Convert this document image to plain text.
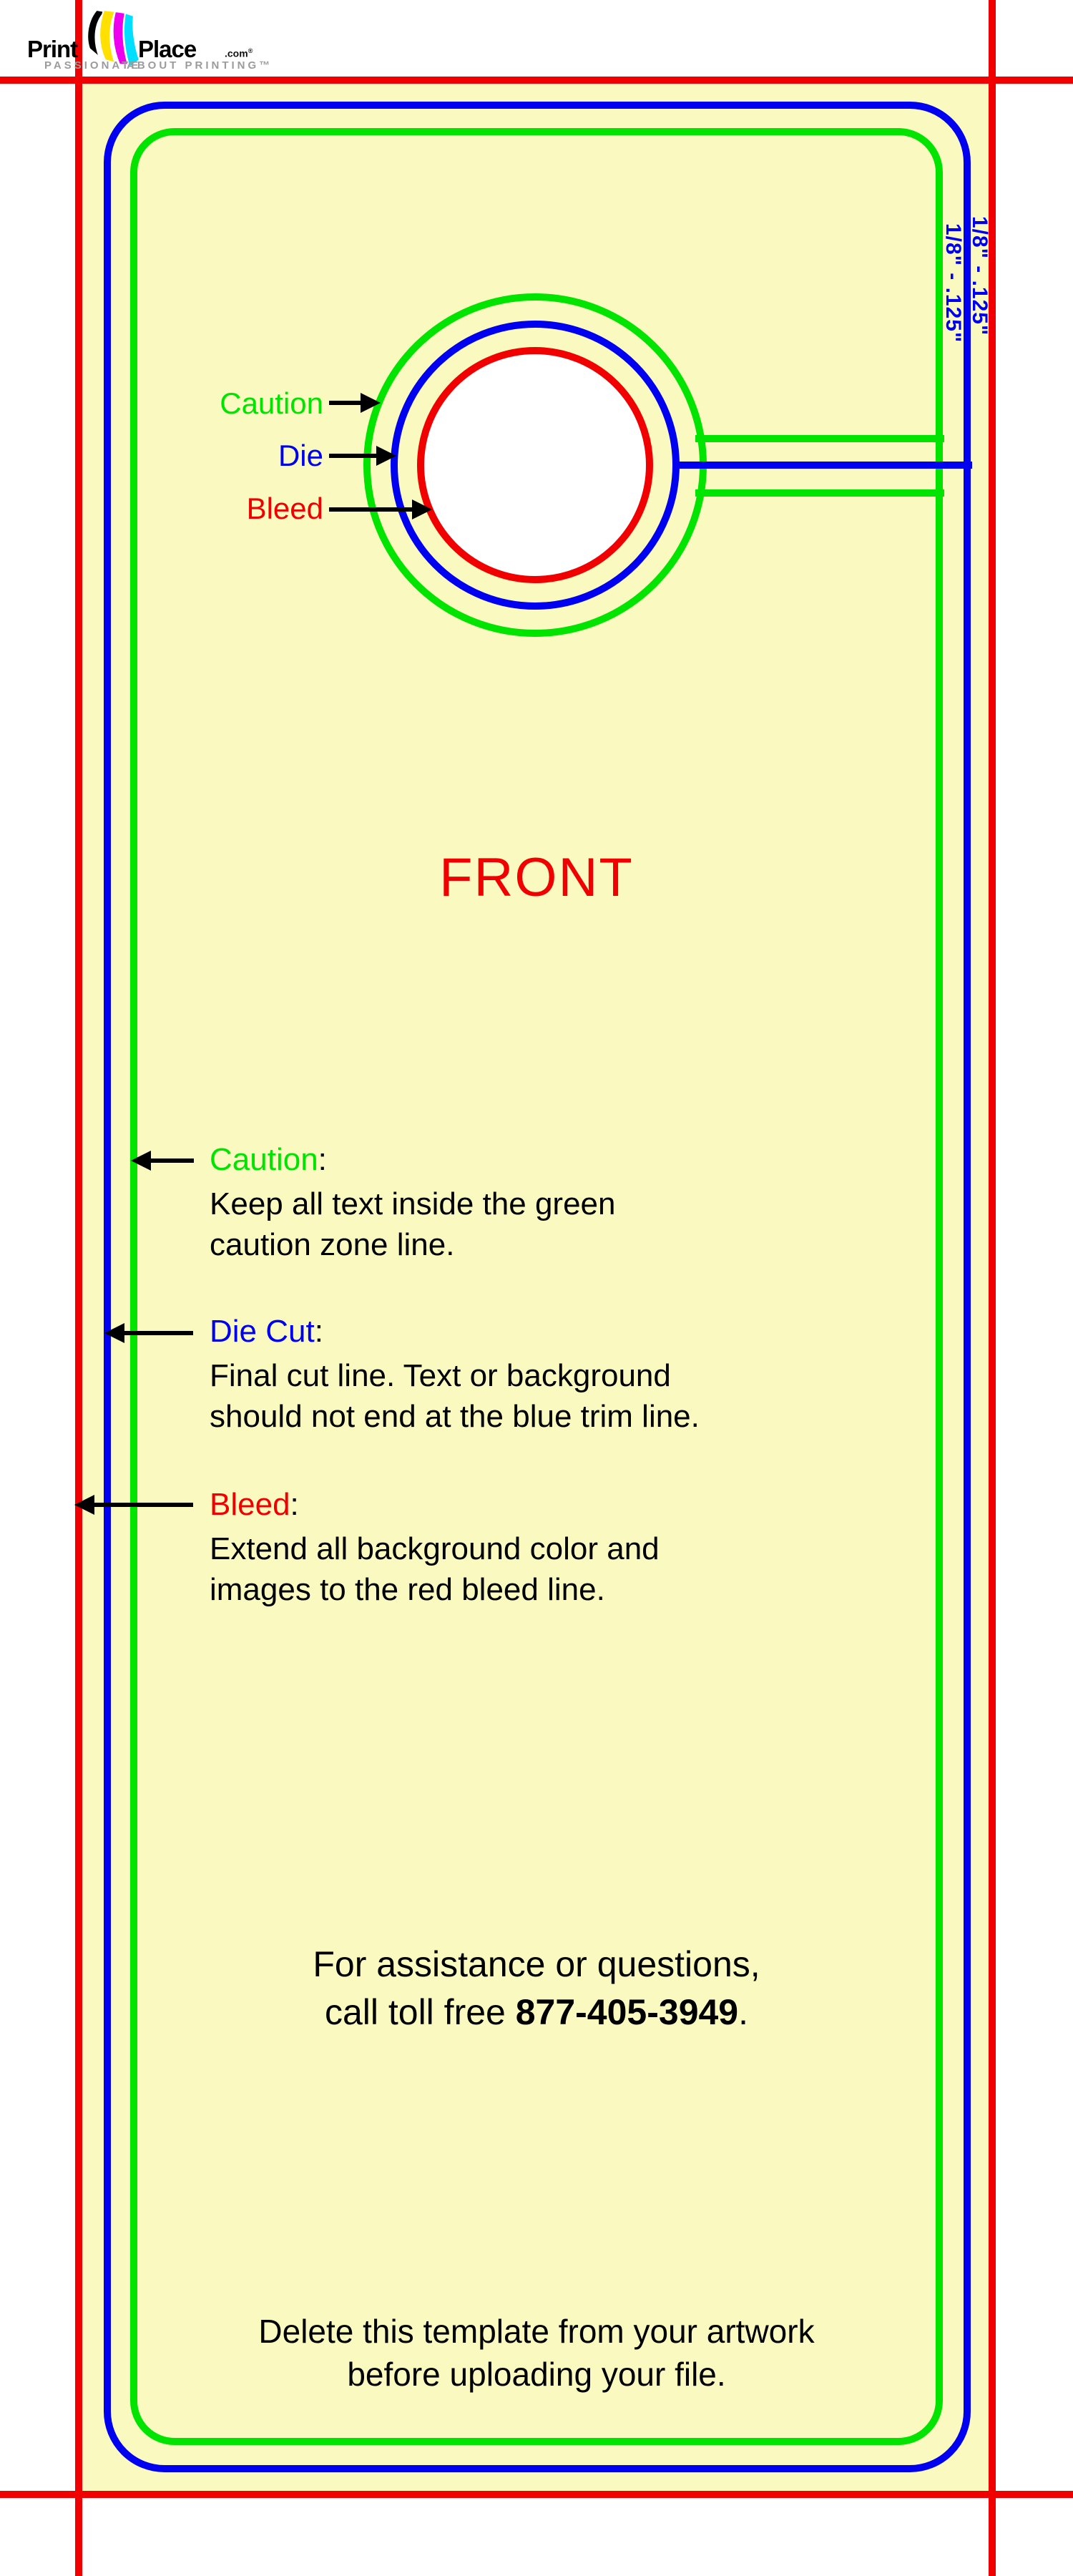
1/8" - .125"
1/8" - .125"
Caution
Die
Bleed
FRONT
Caution:
Keep all text inside the green
caution zone line.
Die Cut:
Final cut line. Text or background
should not end at the blue trim line.
Bleed:
Extend all background color and
images to the red bleed line.
For assistance or questions,
call toll free 877-405-3949.
Delete this template from your artwork
before uploading your file.
Print	Place	.com®
PASSIONATE
ABOUT PRINTING™
